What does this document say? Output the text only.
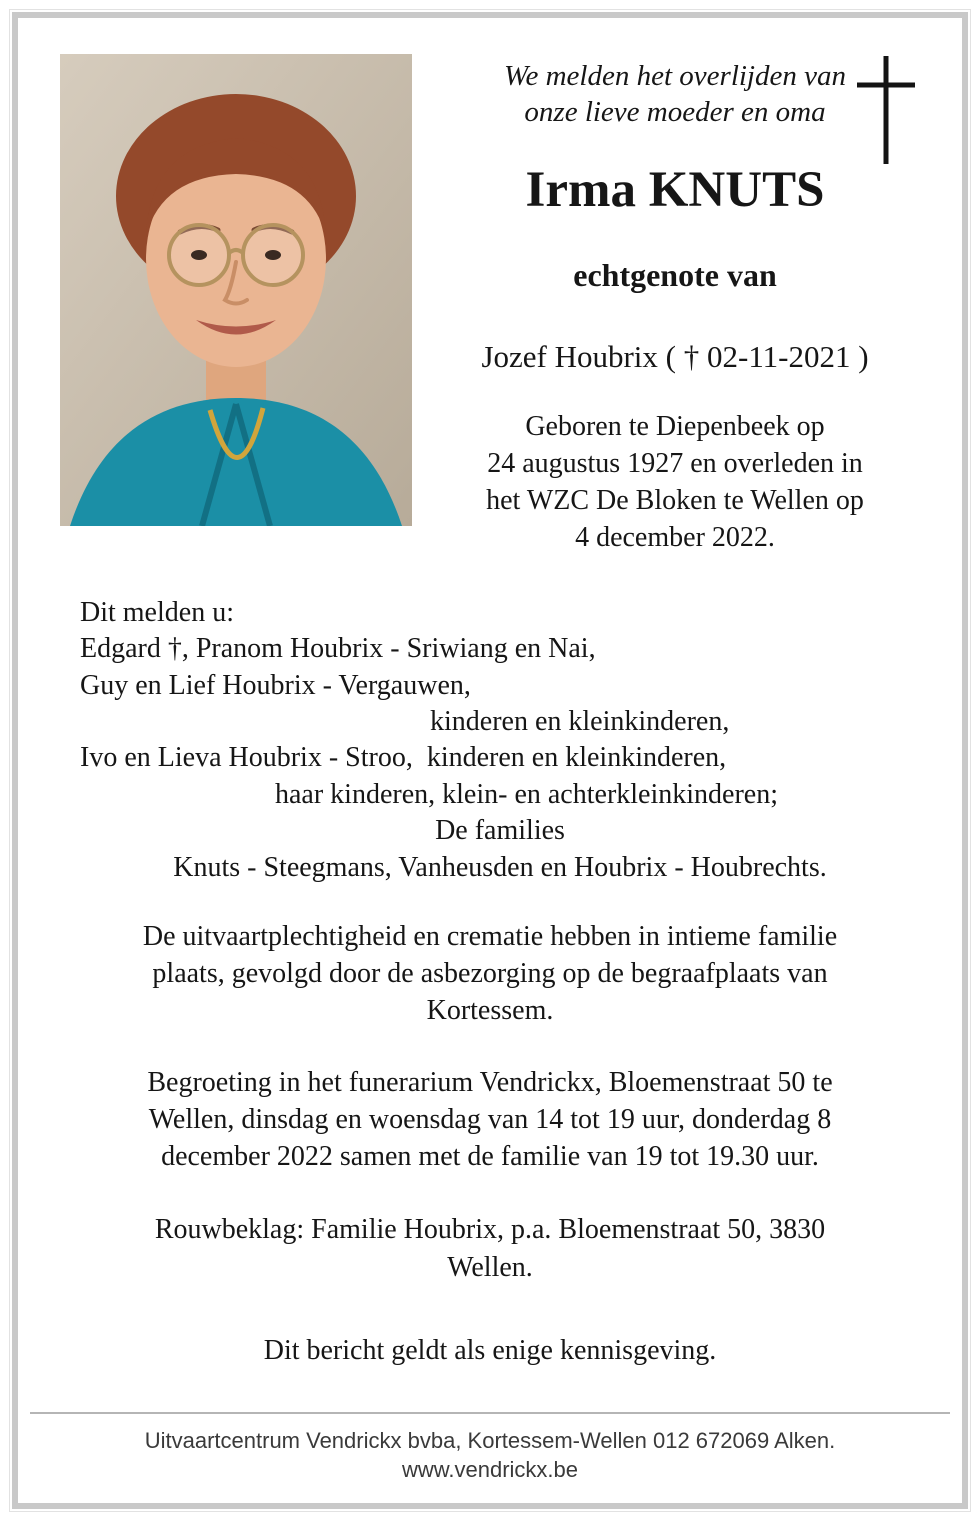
We melden het overlijden van
onze lieve moeder en oma
Irma KNUTS
echtgenote van
Jozef Houbrix ( † 02-11-2021 )
Geboren te Diepenbeek op
24 augustus 1927 en overleden in
het WZC De Bloken te Wellen op
4 december 2022.
Dit melden u:
Edgard †, Pranom Houbrix - Sriwiang en Nai,
Guy en Lief Houbrix - Vergauwen,
kinderen en kleinkinderen,
Ivo en Lieva Houbrix - Stroo,  kinderen en kleinkinderen,
haar kinderen, klein- en achterkleinkinderen;
De families
Knuts - Steegmans, Vanheusden en Houbrix - Houbrechts.
De uitvaartplechtigheid en crematie hebben in intieme familie plaats, gevolgd door de asbezorging op de begraafplaats van Kortessem.
Begroeting in het funerarium Vendrickx, Bloemenstraat 50 te Wellen, dinsdag en woensdag van 14 tot 19 uur, donderdag 8 december 2022 samen met de familie van 19 tot 19.30 uur.
Rouwbeklag: Familie Houbrix, p.a. Bloemenstraat 50, 3830 Wellen.
Dit bericht geldt als enige kennisgeving.
Uitvaartcentrum Vendrickx bvba, Kortessem-Wellen 012 672069 Alken.
www.vendrickx.be
